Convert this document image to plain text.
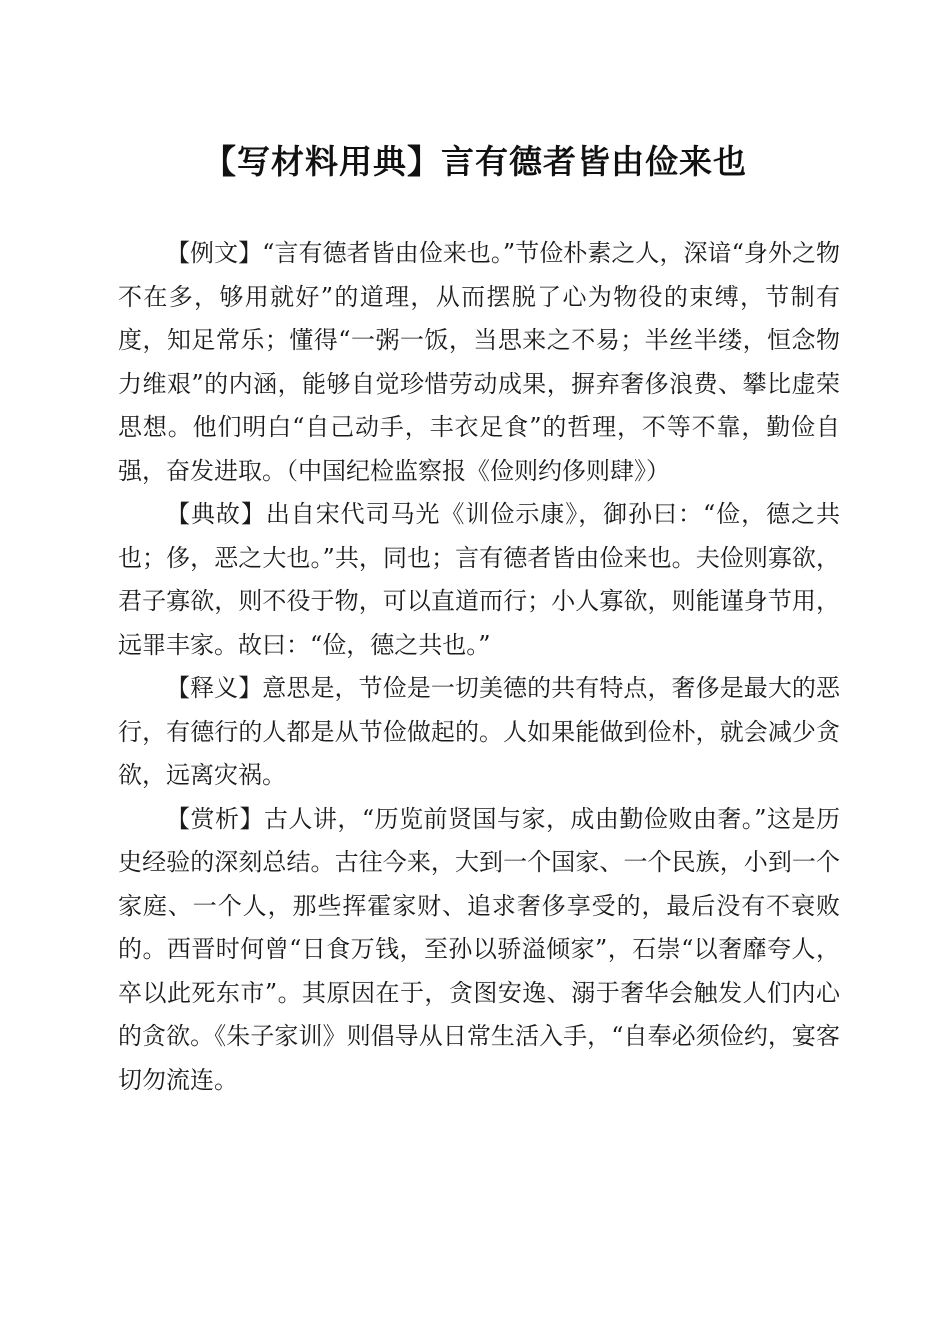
【写材料用典】言有德者皆由俭来也

【例文】“言有德者皆由俭来也。”节俭朴素之人，深谙“身外之物不在多，够用就好”的道理，从而摆脱了心为物役的束缚，节制有度，知足常乐；懂得“一粥一饭，当思来之不易；半丝半缕，恒念物力维艰”的内涵，能够自觉珍惜劳动成果，摒弃奢侈浪费、攀比虚荣思想。他们明白“自己动手，丰衣足食”的哲理，不等不靠，勤俭自强，奋发进取。（中国纪检监察报《俭则约侈则肆》）

【典故】出自宋代司马光《训俭示康》，御孙曰：“俭，德之共也；侈，恶之大也。”共，同也；言有德者皆由俭来也。夫俭则寡欲，君子寡欲，则不役于物，可以直道而行；小人寡欲，则能谨身节用，远罪丰家。故曰：“俭，德之共也。”

【释义】意思是，节俭是一切美德的共有特点，奢侈是最大的恶行，有德行的人都是从节俭做起的。人如果能做到俭朴，就会减少贪欲，远离灾祸。

【赏析】古人讲，“历览前贤国与家，成由勤俭败由奢。”这是历史经验的深刻总结。古往今来，大到一个国家、一个民族，小到一个家庭、一个人，那些挥霍家财、追求奢侈享受的，最后没有不衰败的。西晋时何曾“日食万钱，至孙以骄溢倾家”，石崇“以奢靡夸人，卒以此死东市”。其原因在于，贪图安逸、溺于奢华会触发人们内心的贪欲。《朱子家训》则倡导从日常生活入手，“自奉必须俭约，宴客切勿流连。
